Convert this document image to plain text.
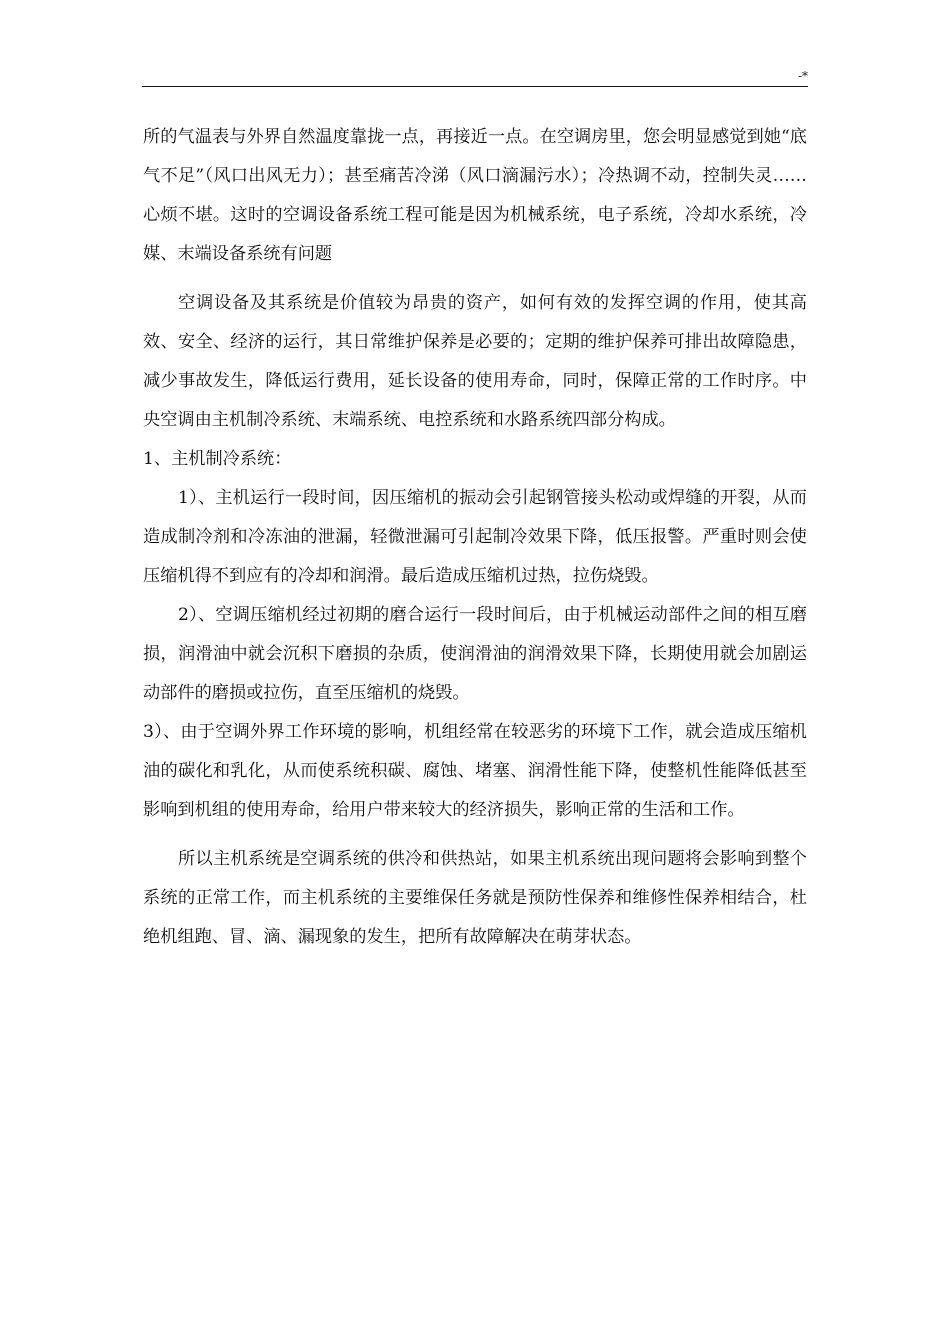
-*

所的气温表与外界自然温度靠拢一点，再接近一点。在空调房里，您会明显感觉到她“底气不足”（风口出风无力）；甚至痛苦冷涕（风口滴漏污水）；冷热调不动，控制失灵……心烦不堪。这时的空调设备系统工程可能是因为机械系统，电子系统，冷却水系统，冷媒、末端设备系统有问题

空调设备及其系统是价值较为昂贵的资产，如何有效的发挥空调的作用，使其高效、安全、经济的运行，其日常维护保养是必要的；定期的维护保养可排出故障隐患，减少事故发生，降低运行费用，延长设备的使用寿命，同时，保障正常的工作时序。中央空调由主机制冷系统、末端系统、电控系统和水路系统四部分构成。

1、主机制冷系统：

1）、主机运行一段时间，因压缩机的振动会引起钢管接头松动或焊缝的开裂，从而造成制冷剂和冷冻油的泄漏，轻微泄漏可引起制冷效果下降，低压报警。严重时则会使压缩机得不到应有的冷却和润滑。最后造成压缩机过热，拉伤烧毁。

2）、空调压缩机经过初期的磨合运行一段时间后，由于机械运动部件之间的相互磨损，润滑油中就会沉积下磨损的杂质，使润滑油的润滑效果下降，长期使用就会加剧运动部件的磨损或拉伤，直至压缩机的烧毁。

3）、由于空调外界工作环境的影响，机组经常在较恶劣的环境下工作，就会造成压缩机油的碳化和乳化，从而使系统积碳、腐蚀、堵塞、润滑性能下降，使整机性能降低甚至影响到机组的使用寿命，给用户带来较大的经济损失，影响正常的生活和工作。

所以主机系统是空调系统的供冷和供热站，如果主机系统出现问题将会影响到整个系统的正常工作，而主机系统的主要维保任务就是预防性保养和维修性保养相结合，杜绝机组跑、冒、滴、漏现象的发生，把所有故障解决在萌芽状态。
